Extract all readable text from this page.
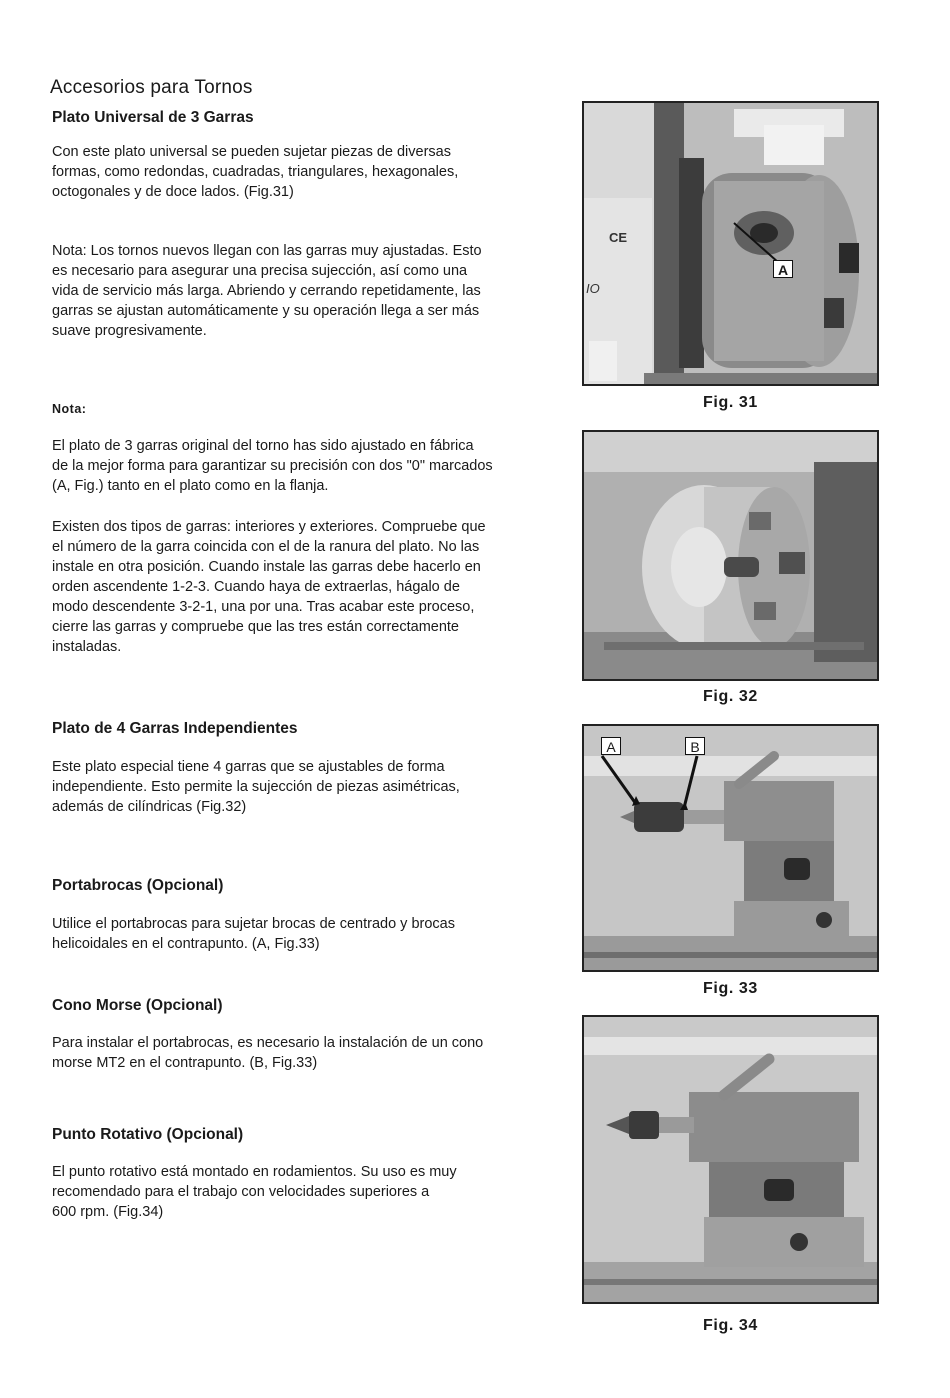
Accesorios para Tornos
Plato Universal de 3 Garras
Con este plato universal se pueden sujetar piezas de diversas
formas, como redondas, cuadradas, triangulares, hexagonales,
octogonales y de doce lados. (Fig.31)
Nota: Los tornos nuevos llegan con las garras muy ajustadas. Esto
es necesario para asegurar una precisa sujección, así como una
vida de servicio más larga. Abriendo y cerrando repetidamente, las
garras se ajustan automáticamente y su operación llega a ser más
suave progresivamente.
Nota:
El plato de 3 garras original del torno has sido ajustado en fábrica
de la mejor forma para garantizar su precisión con dos "0" marcados
(A, Fig.) tanto en el plato como en la flanja.
Existen dos tipos de garras: interiores y exteriores. Compruebe que
el número de la garra coincida con el de la ranura del plato. No las
instale en otra posición. Cuando instale las garras debe hacerlo en
orden ascendente 1-2-3. Cuando haya de extraerlas, hágalo de
modo descendente 3-2-1, una por una. Tras acabar este proceso,
cierre las garras y compruebe que las tres están correctamente
instaladas.
Plato de 4 Garras Independientes
Este plato especial tiene 4 garras que se ajustables de forma
independiente. Esto permite la sujección de piezas asimétricas,
además de cilíndricas (Fig.32)
Portabrocas (Opcional)
Utilice el portabrocas para sujetar brocas de centrado y brocas
helicoidales en el contrapunto. (A, Fig.33)
Cono Morse (Opcional)
Para instalar el portabrocas, es necesario la instalación de un cono
morse MT2 en el contrapunto. (B, Fig.33)
Punto Rotativo (Opcional)
El punto rotativo está montado en rodamientos. Su uso es muy
recomendado para el trabajo con velocidades superiores a
600 rpm. (Fig.34)
CE
IO
A
Fig. 31
Fig. 32
A	B
Fig. 33
Fig. 34
